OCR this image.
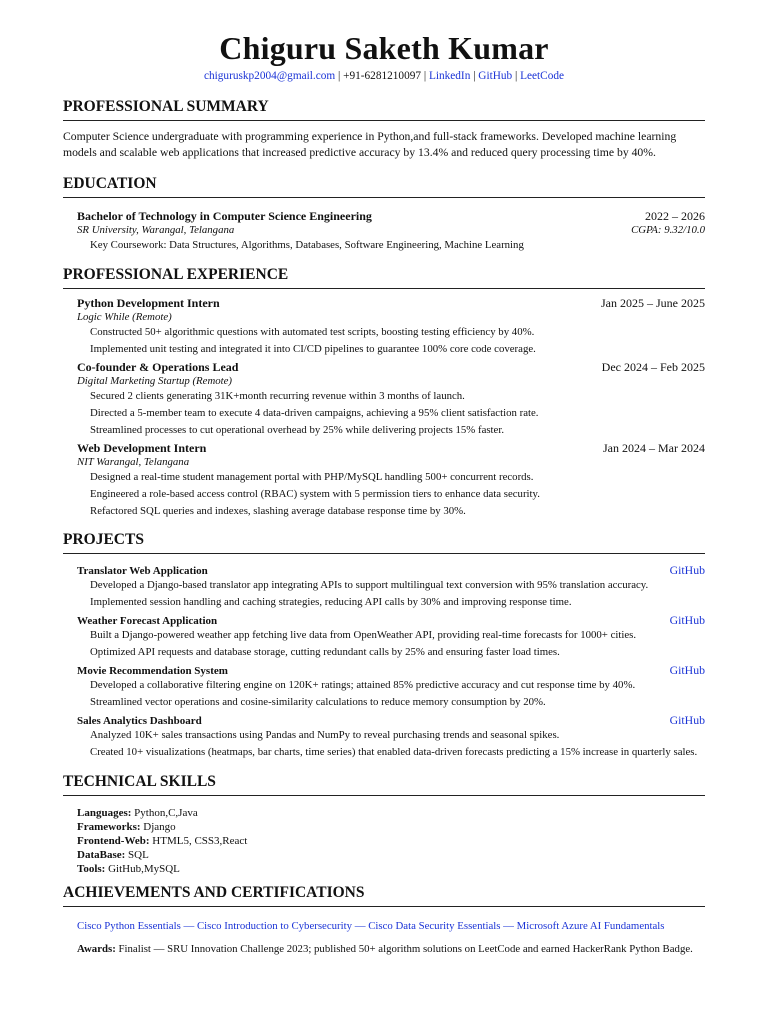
Chiguru Saketh Kumar
chiguruskp2004@gmail.com | +91-6281210097 | LinkedIn | GitHub | LeetCode
PROFESSIONAL SUMMARY
Computer Science undergraduate with programming experience in Python,and full-stack frameworks. Developed machine learning models and scalable web applications that increased predictive accuracy by 13.4% and reduced query processing time by 40%.
EDUCATION
Bachelor of Technology in Computer Science Engineering	2022 – 2026
SR University, Warangal, Telangana	CGPA: 9.32/10.0
Key Coursework: Data Structures, Algorithms, Databases, Software Engineering, Machine Learning
PROFESSIONAL EXPERIENCE
Python Development Intern	Jan 2025 – June 2025
Logic While (Remote)
Constructed 50+ algorithmic questions with automated test scripts, boosting testing efficiency by 40%.
Implemented unit testing and integrated it into CI/CD pipelines to guarantee 100% core code coverage.
Co-founder & Operations Lead	Dec 2024 – Feb 2025
Digital Marketing Startup (Remote)
Secured 2 clients generating 31K+month recurring revenue within 3 months of launch.
Directed a 5-member team to execute 4 data-driven campaigns, achieving a 95% client satisfaction rate.
Streamlined processes to cut operational overhead by 25% while delivering projects 15% faster.
Web Development Intern	Jan 2024 – Mar 2024
NIT Warangal, Telangana
Designed a real-time student management portal with PHP/MySQL handling 500+ concurrent records.
Engineered a role-based access control (RBAC) system with 5 permission tiers to enhance data security.
Refactored SQL queries and indexes, slashing average database response time by 30%.
PROJECTS
Translator Web Application	GitHub
Developed a Django-based translator app integrating APIs to support multilingual text conversion with 95% translation accuracy.
Implemented session handling and caching strategies, reducing API calls by 30% and improving response time.
Weather Forecast Application	GitHub
Built a Django-powered weather app fetching live data from OpenWeather API, providing real-time forecasts for 1000+ cities.
Optimized API requests and database storage, cutting redundant calls by 25% and ensuring faster load times.
Movie Recommendation System	GitHub
Developed a collaborative filtering engine on 120K+ ratings; attained 85% predictive accuracy and cut response time by 40%.
Streamlined vector operations and cosine-similarity calculations to reduce memory consumption by 20%.
Sales Analytics Dashboard	GitHub
Analyzed 10K+ sales transactions using Pandas and NumPy to reveal purchasing trends and seasonal spikes.
Created 10+ visualizations (heatmaps, bar charts, time series) that enabled data-driven forecasts predicting a 15% increase in quarterly sales.
TECHNICAL SKILLS
Languages: Python,C,Java
Frameworks: Django
Frontend-Web: HTML5, CSS3,React
DataBase: SQL
Tools: GitHub,MySQL
ACHIEVEMENTS AND CERTIFICATIONS
Cisco Python Essentials — Cisco Introduction to Cybersecurity — Cisco Data Security Essentials — Microsoft Azure AI Fundamentals
Awards: Finalist — SRU Innovation Challenge 2023; published 50+ algorithm solutions on LeetCode and earned HackerRank Python Badge.
